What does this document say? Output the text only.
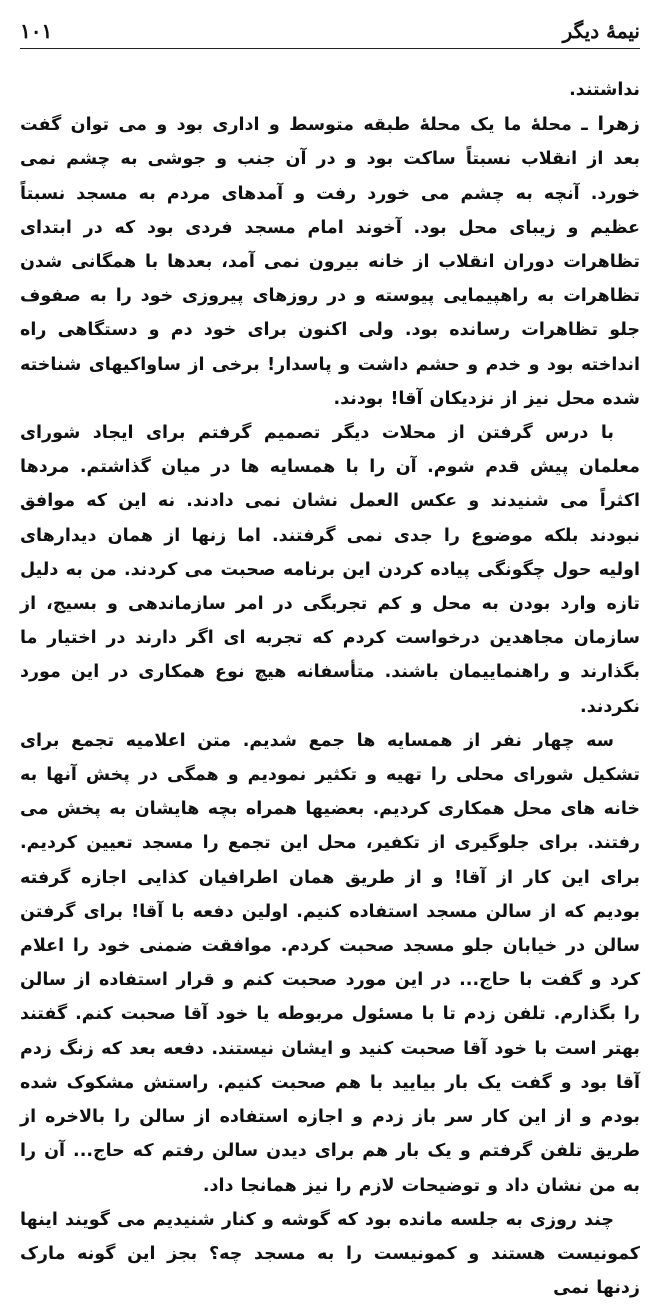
نیمهٔ دیگر
۱۰۱

نداشتند.

زهرا ـ محلهٔ ما یک محلهٔ طبقه متوسط و اداری بود و می توان گفت بعد از انقلاب نسبتاً ساکت بود و در آن جنب و جوشی به چشم نمی خورد. آنچه به چشم می خورد رفت و آمدهای مردم به مسجد نسبتاً عظیم و زیبای محل بود. آخوند امام مسجد فردی بود که در ابتدای تظاهرات دوران انقلاب از خانه بیرون نمی آمد، بعدها با همگانی شدن تظاهرات به راهپیمایی پیوسته و در روزهای پیروزی خود را به صفوف جلو تظاهرات رسانده بود. ولی اکنون برای خود دم و دستگاهی راه انداخته بود و خدم و حشم داشت و پاسدار! برخی از ساواکیهای شناخته شده محل نیز از نزدیکان آقا! بودند.

با درس گرفتن از محلات دیگر تصمیم گرفتم برای ایجاد شورای معلمان پیش قدم شوم. آن را با همسایه ها در میان گذاشتم. مردها اکثراً می شنیدند و عکس العمل نشان نمی دادند. نه این که موافق نبودند بلکه موضوع را جدی نمی گرفتند. اما زنها از همان دیدارهای اولیه حول چگونگی پیاده کردن این برنامه صحبت می کردند. من به دلیل تازه وارد بودن به محل و کم تجربگی در امر سازماندهی و بسیج، از سازمان مجاهدین درخواست کردم که تجربه ای اگر دارند در اختیار ما بگذارند و راهنماییمان باشند. متأسفانه هیچ نوع همکاری در این مورد نکردند.

سه چهار نفر از همسایه ها جمع شدیم. متن اعلامیه تجمع برای تشکیل شورای محلی را تهیه و تکثیر نمودیم و همگی در پخش آنها به خانه های محل همکاری کردیم. بعضیها همراه بچه هایشان به پخش می رفتند. برای جلوگیری از تکفیر، محل این تجمع را مسجد تعیین کردیم. برای این کار از آقا! و از طریق همان اطرافیان کذایی اجازه گرفته بودیم که از سالن مسجد استفاده کنیم. اولین دفعه با آقا! برای گرفتن سالن در خیابان جلو مسجد صحبت کردم. موافقت ضمنی خود را اعلام کرد و گفت با حاج... در این مورد صحبت کنم و قرار استفاده از سالن را بگذارم. تلفن زدم تا با مسئول مربوطه یا خود آقا صحبت کنم. گفتند بهتر است با خود آقا صحبت کنید و ایشان نیستند. دفعه بعد که زنگ زدم آقا بود و گفت یک بار بیایید با هم صحبت کنیم. راستش مشکوک شده بودم و از این کار سر باز زدم و اجازه استفاده از سالن را بالاخره از طریق تلفن گرفتم و یک بار هم برای دیدن سالن رفتم که حاج... آن را به من نشان داد و توضیحات لازم را نیز همانجا داد.

چند روزی به جلسه مانده بود که گوشه و کنار شنیدیم می گویند اینها کمونیست هستند و کمونیست را به مسجد چه؟ بجز این گونه مارک زدنها نمی
